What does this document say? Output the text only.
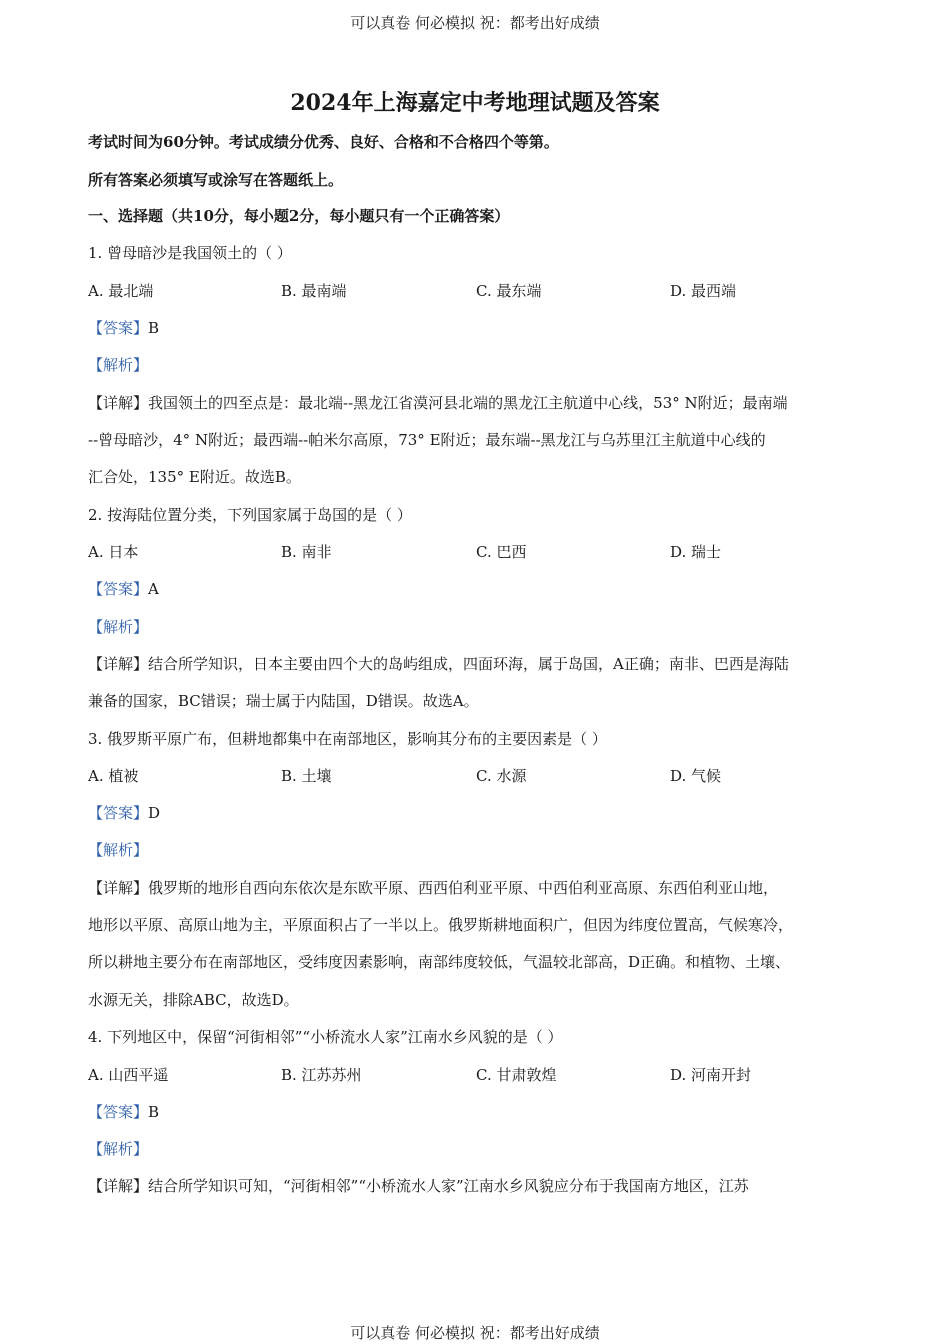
可以真卷 何必模拟 祝：都考出好成绩
2024年上海嘉定中考地理试题及答案
考试时间为60分钟。考试成绩分优秀、良好、合格和不合格四个等第。
所有答案必须填写或涂写在答题纸上。
一、选择题（共10分，每小题2分，每小题只有一个正确答案）
1. 曾母暗沙是我国领土的（ ）
A. 最北端	B. 最南端	C. 最东端	D. 最西端
【答案】B
【解析】
【详解】我国领土的四至点是：最北端--黑龙江省漠河县北端的黑龙江主航道中心线，53° N附近；最南端
--曾母暗沙，4° N附近；最西端--帕米尔高原，73° E附近；最东端--黑龙江与乌苏里江主航道中心线的
汇合处，135° E附近。故选B。
2. 按海陆位置分类，下列国家属于岛国的是（ ）
A. 日本	B. 南非	C. 巴西	D. 瑞士
【答案】A
【解析】
【详解】结合所学知识，日本主要由四个大的岛屿组成，四面环海，属于岛国，A正确；南非、巴西是海陆
兼备的国家，BC错误；瑞士属于内陆国，D错误。故选A。
3. 俄罗斯平原广布，但耕地都集中在南部地区，影响其分布的主要因素是（ ）
A. 植被	B. 土壤	C. 水源	D. 气候
【答案】D
【解析】
【详解】俄罗斯的地形自西向东依次是东欧平原、西西伯利亚平原、中西伯利亚高原、东西伯利亚山地，
地形以平原、高原山地为主，平原面积占了一半以上。俄罗斯耕地面积广，但因为纬度位置高，气候寒冷，
所以耕地主要分布在南部地区，受纬度因素影响，南部纬度较低，气温较北部高，D正确。和植物、土壤、
水源无关，排除ABC，故选D。
4. 下列地区中，保留“河街相邻”“小桥流水人家”江南水乡风貌的是（ ）
A. 山西平遥	B. 江苏苏州	C. 甘肃敦煌	D. 河南开封
【答案】B
【解析】
【详解】结合所学知识可知，“河街相邻”“小桥流水人家”江南水乡风貌应分布于我国南方地区，江苏
可以真卷 何必模拟 祝：都考出好成绩
